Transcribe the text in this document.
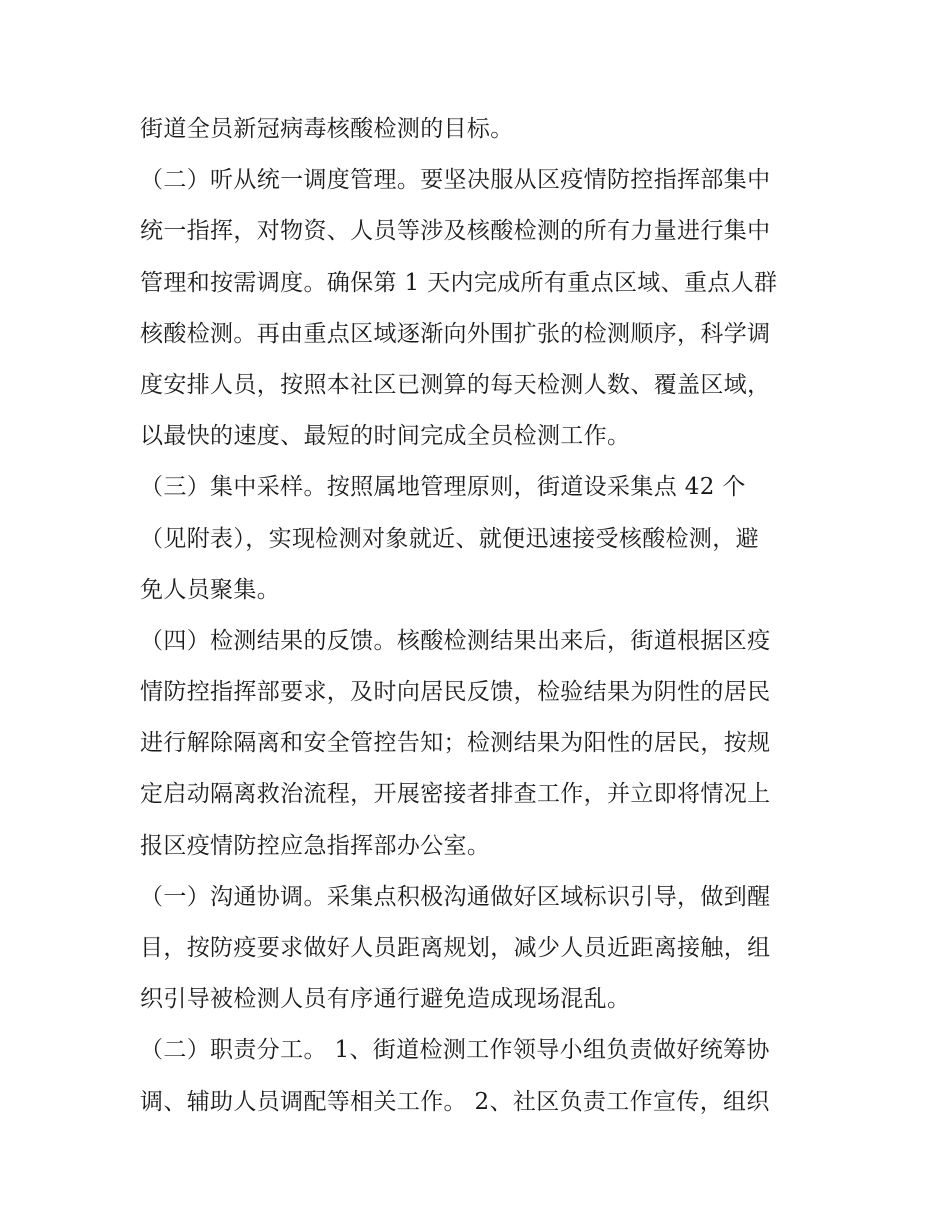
街道全员新冠病毒核酸检测的目标。
（二）听从统一调度管理。要坚决服从区疫情防控指挥部集中
统一指挥，对物资、人员等涉及核酸检测的所有力量进行集中
管理和按需调度。确保第 1 天内完成所有重点区域、重点人群
核酸检测。再由重点区域逐渐向外围扩张的检测顺序，科学调
度安排人员，按照本社区已测算的每天检测人数、覆盖区域，
以最快的速度、最短的时间完成全员检测工作。
（三）集中采样。按照属地管理原则，街道设采集点 42 个
（见附表），实现检测对象就近、就便迅速接受核酸检测，避
免人员聚集。
（四）检测结果的反馈。核酸检测结果出来后，街道根据区疫
情防控指挥部要求，及时向居民反馈，检验结果为阴性的居民
进行解除隔离和安全管控告知；检测结果为阳性的居民，按规
定启动隔离救治流程，开展密接者排查工作，并立即将情况上
报区疫情防控应急指挥部办公室。
（一）沟通协调。采集点积极沟通做好区域标识引导，做到醒
目，按防疫要求做好人员距离规划，减少人员近距离接触，组
织引导被检测人员有序通行避免造成现场混乱。
（二）职责分工。 1、街道检测工作领导小组负责做好统筹协
调、辅助人员调配等相关工作。 2、社区负责工作宣传，组织
